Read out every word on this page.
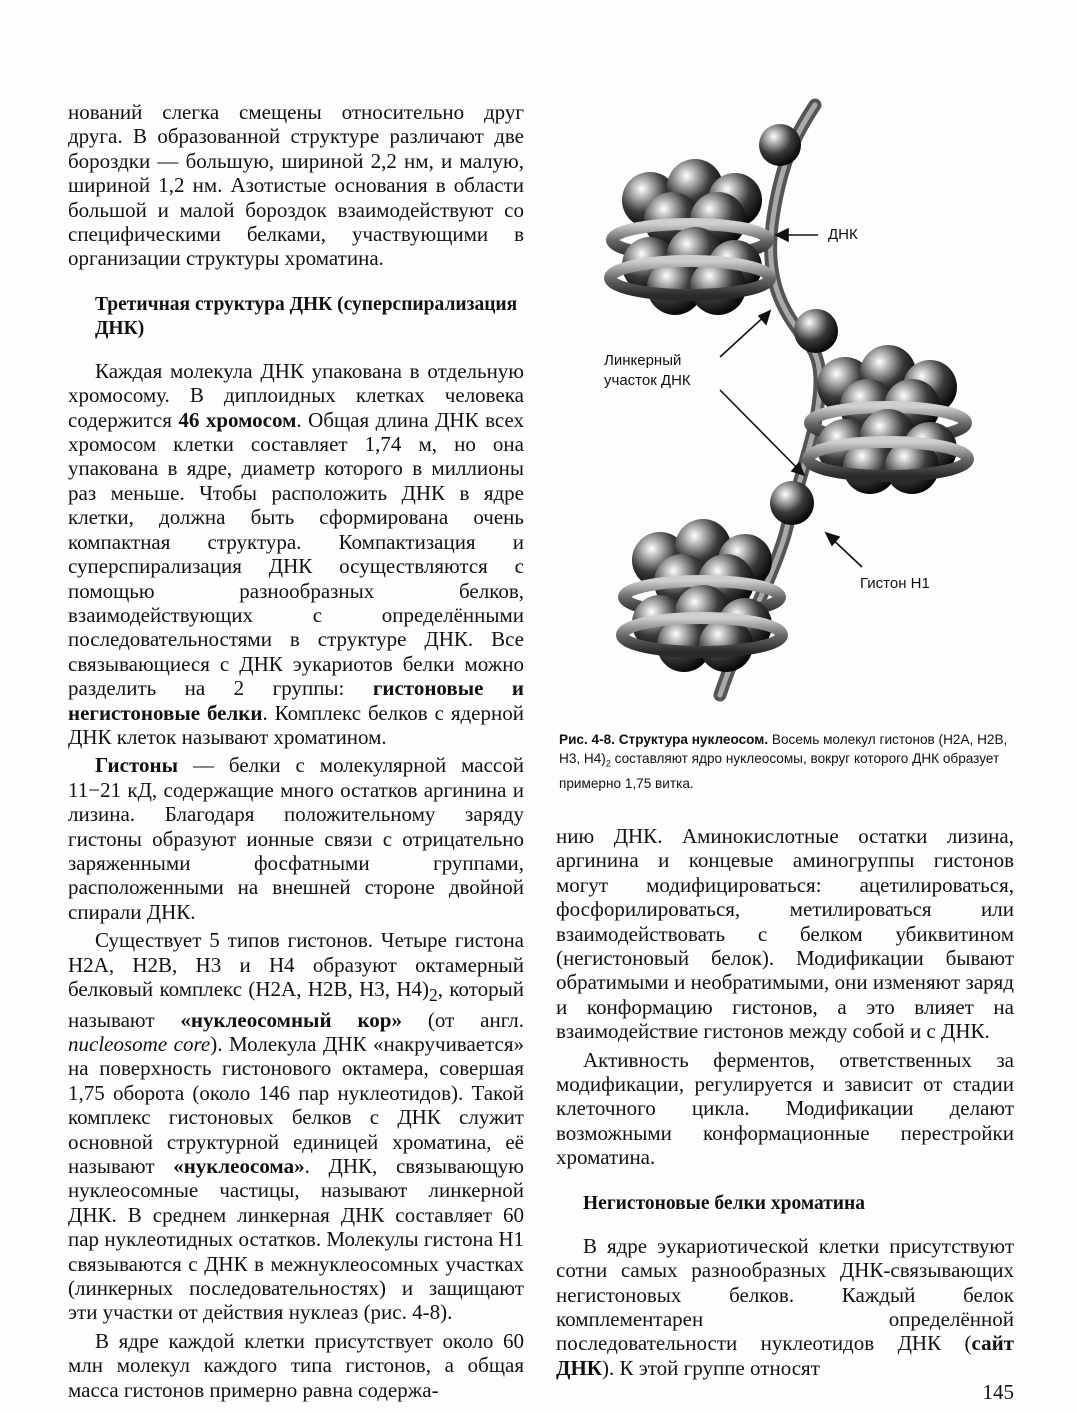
нований слегка смещены относительно друг друга. В образованной структуре различают две бороздки — большую, шириной 2,2 нм, и малую, шириной 1,2 нм. Азотистые основания в области большой и малой бороздок взаимодействуют со специфическими белками, участвующими в организации структуры хроматина.

Третичная структура ДНК (суперспирализация ДНК)

Каждая молекула ДНК упакована в отдельную хромосому. В диплоидных клетках человека содержится 46 хромосом. Общая длина ДНК всех хромосом клетки составляет 1,74 м, но она упакована в ядре, диаметр которого в миллионы раз меньше. Чтобы расположить ДНК в ядре клетки, должна быть сформирована очень компактная структура. Компактизация и суперспирализация ДНК осуществляются с помощью разнообразных белков, взаимодействующих с определёнными последовательностями в структуре ДНК. Все связывающиеся с ДНК эукариотов белки можно разделить на 2 группы: гистоновые и негистоновые белки. Комплекс белков с ядерной ДНК клеток называют хроматином.

Гистоны — белки с молекулярной массой 11−21 кД, содержащие много остатков аргинина и лизина. Благодаря положительному заряду гистоны образуют ионные связи с отрицательно заряженными фосфатными группами, расположенными на внешней стороне двойной спирали ДНК.

Существует 5 типов гистонов. Четыре гистона Н2А, Н2В, Н3 и Н4 образуют октамерный белковый комплекс (Н2А, Н2В, Н3, $Н4)_2$, который называют «нуклеосомный кор» (от англ. nucleosome core). Молекула ДНК «накручивается» на поверхность гистонового октамера, совершая 1,75 оборота (около 146 пар нуклеотидов). Такой комплекс гистоновых белков с ДНК служит основной структурной единицей хроматина, её называют «нуклеосома». ДНК, связывающую нуклеосомные частицы, называют линкерной ДНК. В среднем линкерная ДНК составляет 60 пар нуклеотидных остатков. Молекулы гистона Н1 связываются с ДНК в межнуклеосомных участках (линкерных последовательностях) и защищают эти участки от действия нуклеаз (рис. 4-8).

В ядре каждой клетки присутствует около 60 млн молекул каждого типа гистонов, а общая масса гистонов примерно равна содержа-

ДНК
Линкерный
участок ДНК
Гистон Н1
Рис. 4-8. Структура нуклеосом. Восемь молекул гистонов (Н2А, Н2В, Н3, $Н4)_2$ составляют ядро нуклеосомы, вокруг которого ДНК образует примерно 1,75 витка.

нию ДНК. Аминокислотные остатки лизина, аргинина и концевые аминогруппы гистонов могут модифицироваться: ацетилироваться, фосфорилироваться, метилироваться или взаимодействовать с белком убиквитином (негистоновый белок). Модификации бывают обратимыми и необратимыми, они изменяют заряд и конформацию гистонов, а это влияет на взаимодействие гистонов между собой и с ДНК.

Активность ферментов, ответственных за модификации, регулируется и зависит от стадии клеточного цикла. Модификации делают возможными конформационные перестройки хроматина.

Негистоновые белки хроматина

В ядре эукариотической клетки присутствуют сотни самых разнообразных ДНК-связывающих негистоновых белков. Каждый белок комплементарен определённой последовательности нуклеотидов ДНК (сайт ДНК). К этой группе относят

145
